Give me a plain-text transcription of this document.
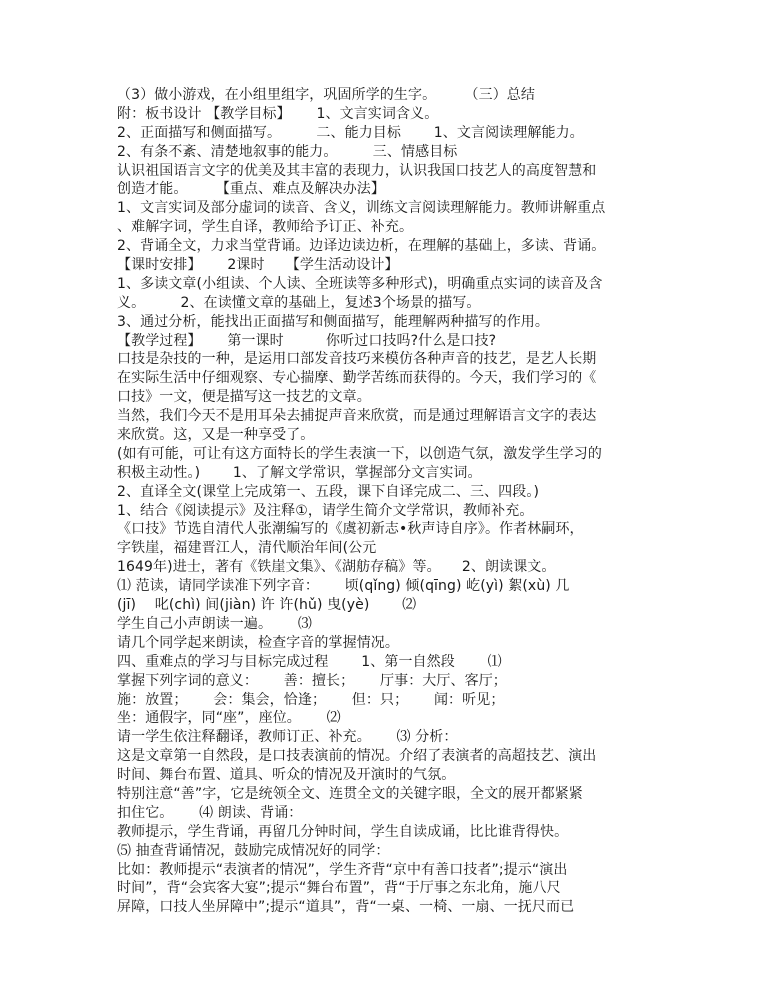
（3）做小游戏，在小组里组字，巩固所学的生字。　　　（三）总结
附：板书设计 【教学目标】　　 1、文言实词含义。
2、正面描写和侧面描写。　　　二、能力目标　　 1、文言阅读理解能力。
2、有条不紊、清楚地叙事的能力。　　　三、情感目标
认识祖国语言文字的优美及其丰富的表现力，认识我国口技艺人的高度智慧和
创造才能。　　　【重点、难点及解决办法】
1、文言实词及部分虚词的读音、含义，训练文言阅读理解能力。教师讲解重点
、难解字词，学生自译，教师给予订正、补充。
2、背诵全文，力求当堂背诵。边译边读边析，在理解的基础上，多读、背诵。
【课时安排】　　 2课时　　【学生活动设计】
1、多读文章(小组读、个人读、全班读等多种形式)，明确重点实词的读音及含
义。　　　2、在读懂文章的基础上，复述3个场景的描写。
3、通过分析，能找出正面描写和侧面描写，能理解两种描写的作用。
【教学过程】　　 第一课时　　　你听过口技吗?什么是口技?
口技是杂技的一种，是运用口部发音技巧来模仿各种声音的技艺，是艺人长期
在实际生活中仔细观察、专心揣摩、勤学苦练而获得的。今天，我们学习的《
口技》一文，便是描写这一技艺的文章。
当然，我们今天不是用耳朵去捕捉声音来欣赏，而是通过理解语言文字的表达
来欣赏。这，又是一种享受了。
(如有可能，可让有这方面特长的学生表演一下，以创造气氛，激发学生学习的
积极主动性。)　　 1、了解文学常识，掌握部分文言实词。
2、直译全文(课堂上完成第一、五段，课下自译完成二、三、四段。)
1、结合《阅读提示》及注释①，请学生简介文学常识，教师补充。
《口技》节选自清代人张潮编写的《虞初新志•秋声诗自序》。作者林嗣环，
字铁崖，福建晋江人，清代顺治年间(公元
1649年)进士，著有《铁崖文集》、《湖舫存稿》等。　　2、朗读课文。
⑴ 范读，请同学读准下列字音：　　 顷(qǐng) 倾(qīng) 屹(yì) 絮(xù) 几
(jī)　 叱(chì) 间(jiàn) 许 许(hǔ) 曳(yè)　　 ⑵
学生自己小声朗读一遍。　　 ⑶
请几个同学起来朗读，检查字音的掌握情况。
四、重难点的学习与目标完成过程　　 1、第一自然段　　 ⑴
掌握下列字词的意义：　　 善：擅长；　　 厅事：大厅、客厅；
施：放置；　　 会：集会，恰逢；　　 但：只；　　 闻：听见；
坐：通假字，同“座”，座位。　　 ⑵
请一学生依注释翻译，教师订正、补充。　　 ⑶ 分析：
这是文章第一自然段，是口技表演前的情况。介绍了表演者的高超技艺、演出
时间、舞台布置、道具、听众的情况及开演时的气氛。
特别注意“善”字，它是统领全文、连贯全文的关键字眼，全文的展开都紧紧
扣住它。　　 ⑷ 朗读、背诵：
教师提示，学生背诵，再留几分钟时间，学生自读成诵，比比谁背得快。
⑸ 抽查背诵情况，鼓励完成情况好的同学：
比如：教师提示“表演者的情况”，学生齐背“京中有善口技者”;提示“演出
时间”，背“会宾客大宴”;提示“舞台布置”，背“于厅事之东北角，施八尺
屏障，口技人坐屏障中”;提示“道具”，背“一桌、一椅、一扇、一抚尺而已
